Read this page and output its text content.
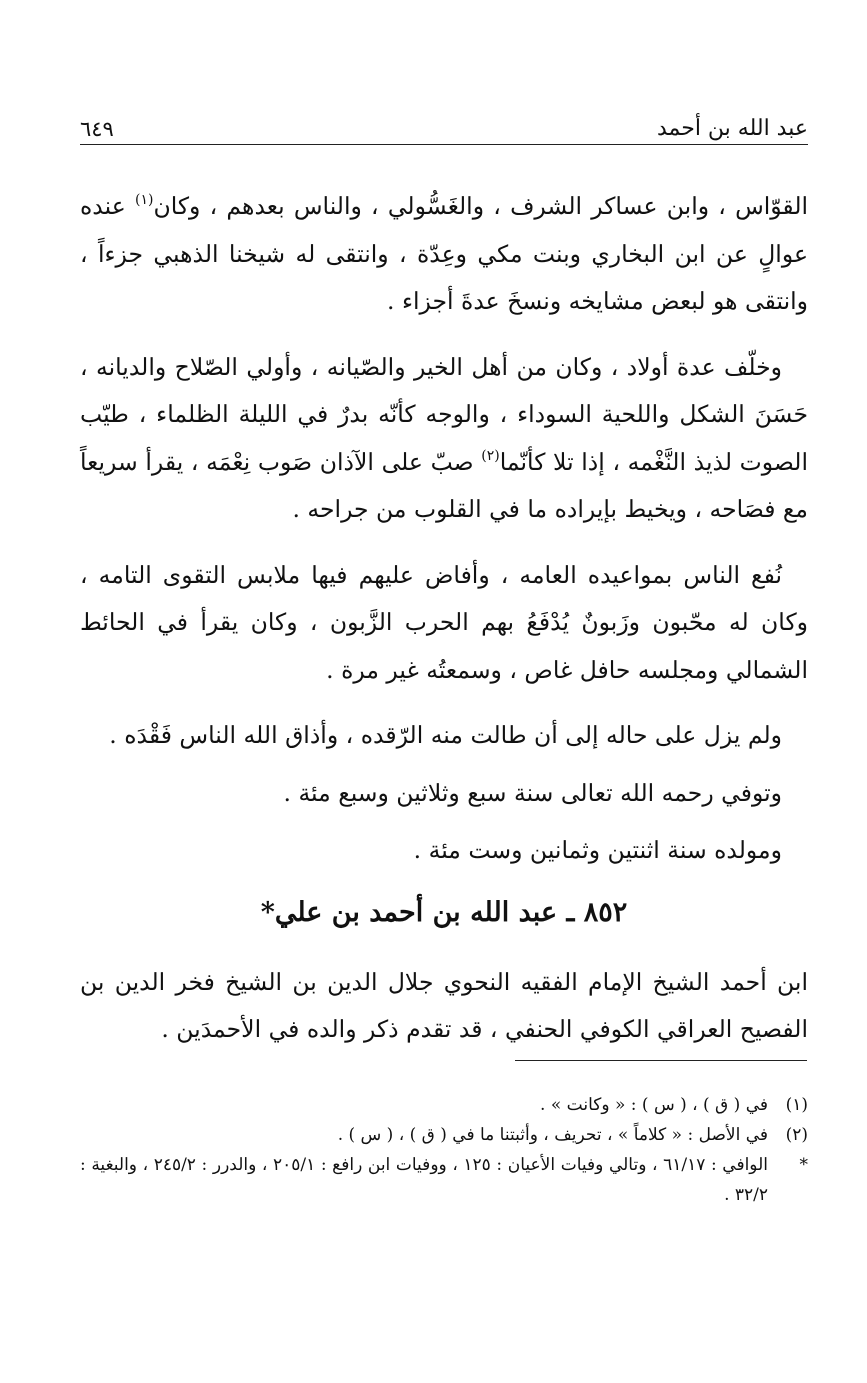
عبد الله بن أحمد
٦٤٩

القوّاس ، وابن عساكر الشرف ، والغَسُّولي ، والناس بعدهم ، وكان$^{(١)}$ عنده عوالٍ عن ابن البخاري وبنت مكي وعِدّة ، وانتقى له شيخنا الذهبي جزءاً ، وانتقى هو لبعض مشايخه ونسخَ عدةَ أجزاء .

وخلّف عدة أولاد ، وكان من أهل الخير والصّيانه ، وأولي الصّلاح والديانه ، حَسَنَ الشكل واللحية السوداء ، والوجه كأنّه بدرٌ في الليلة الظلماء ، طيّب الصوت لذيذ النَّغْمه ، إذا تلا كأنّما$^{(٢)}$ صبّ على الآذان صَوب نِعْمَه ، يقرأ سريعاً مع فصَاحه ، ويخيط بإيراده ما في القلوب من جراحه .

نُفع الناس بمواعيده العامه ، وأفاض عليهم فيها ملابس التقوى التامه ، وكان له محّبون وزَبونٌ يُدْفَعُ بهم الحرب الزَّبون ، وكان يقرأ في الحائط الشمالي ومجلسه حافل غاص ، وسمعتُه غير مرة .

ولم يزل على حاله إلى أن طالت منه الرّقده ، وأذاق الله الناس فَقْدَه .

وتوفي رحمه الله تعالى سنة سبع وثلاثين وسبع مئة .

ومولده سنة اثنتين وثمانين وست مئة .

٨٥٢ ـ عبد الله بن أحمد بن علي*

ابن أحمد الشيخ الإمام الفقيه النحوي جلال الدين بن الشيخ فخر الدين بن الفصيح العراقي الكوفي الحنفي ، قد تقدم ذكر والده في الأحمدَين .

(١)
في ( ق ) ، ( س ) : « وكانت » .
(٢)
في الأصل : « كلاماً » ، تحريف ، وأثبتنا ما في ( ق ) ، ( س ) .
*
الوافي : ٦١/١٧ ، وتالي وفيات الأعيان : ١٢٥ ، ووفيات ابن رافع : ٢٠٥/١ ، والدرر : ٢٤٥/٢ ، والبغية : ٣٢/٢ .
